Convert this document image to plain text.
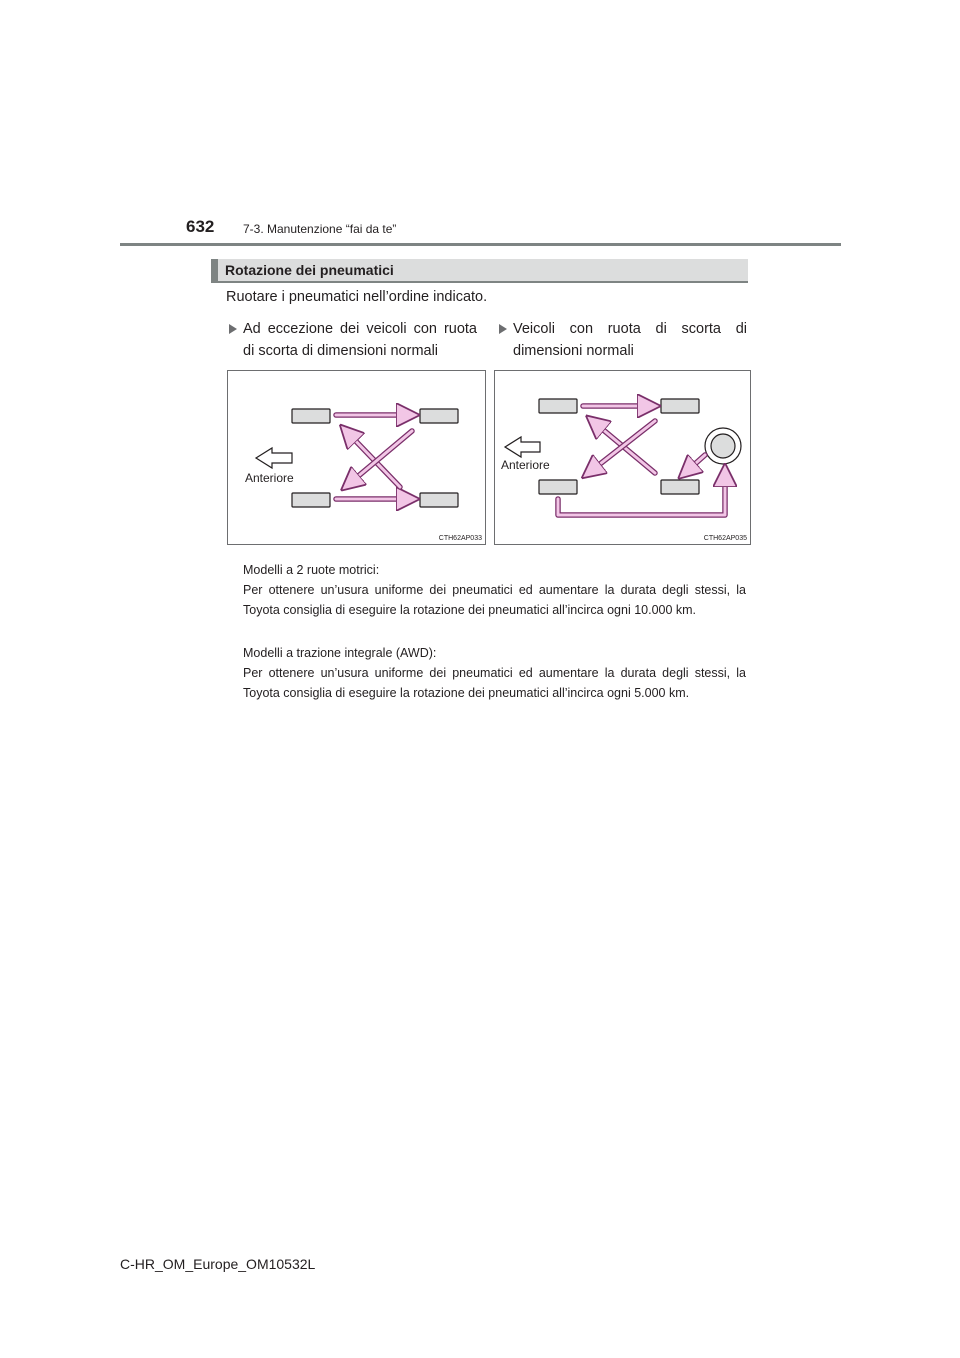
632 7-3. Manutenzione “fai da te”
Rotazione dei pneumatici
Ruotare i pneumatici nell’ordine indicato.
Ad eccezione dei veicoli con ruota di scorta di dimensioni normali
Veicoli con ruota di scorta di dimensioni normali
Anteriore
CTH62AP033
Anteriore
CTH62AP035

Modelli a 2 ruote motrici:

Per ottenere un’usura uniforme dei pneumatici ed aumentare la durata degli stessi, la Toyota consiglia di eseguire la rotazione dei pneumatici all’incirca ogni 10.000 km.

Modelli a trazione integrale (AWD):

Per ottenere un’usura uniforme dei pneumatici ed aumentare la durata degli stessi, la Toyota consiglia di eseguire la rotazione dei pneumatici all’incirca ogni 5.000 km.

C-HR_OM_Europe_OM10532L
